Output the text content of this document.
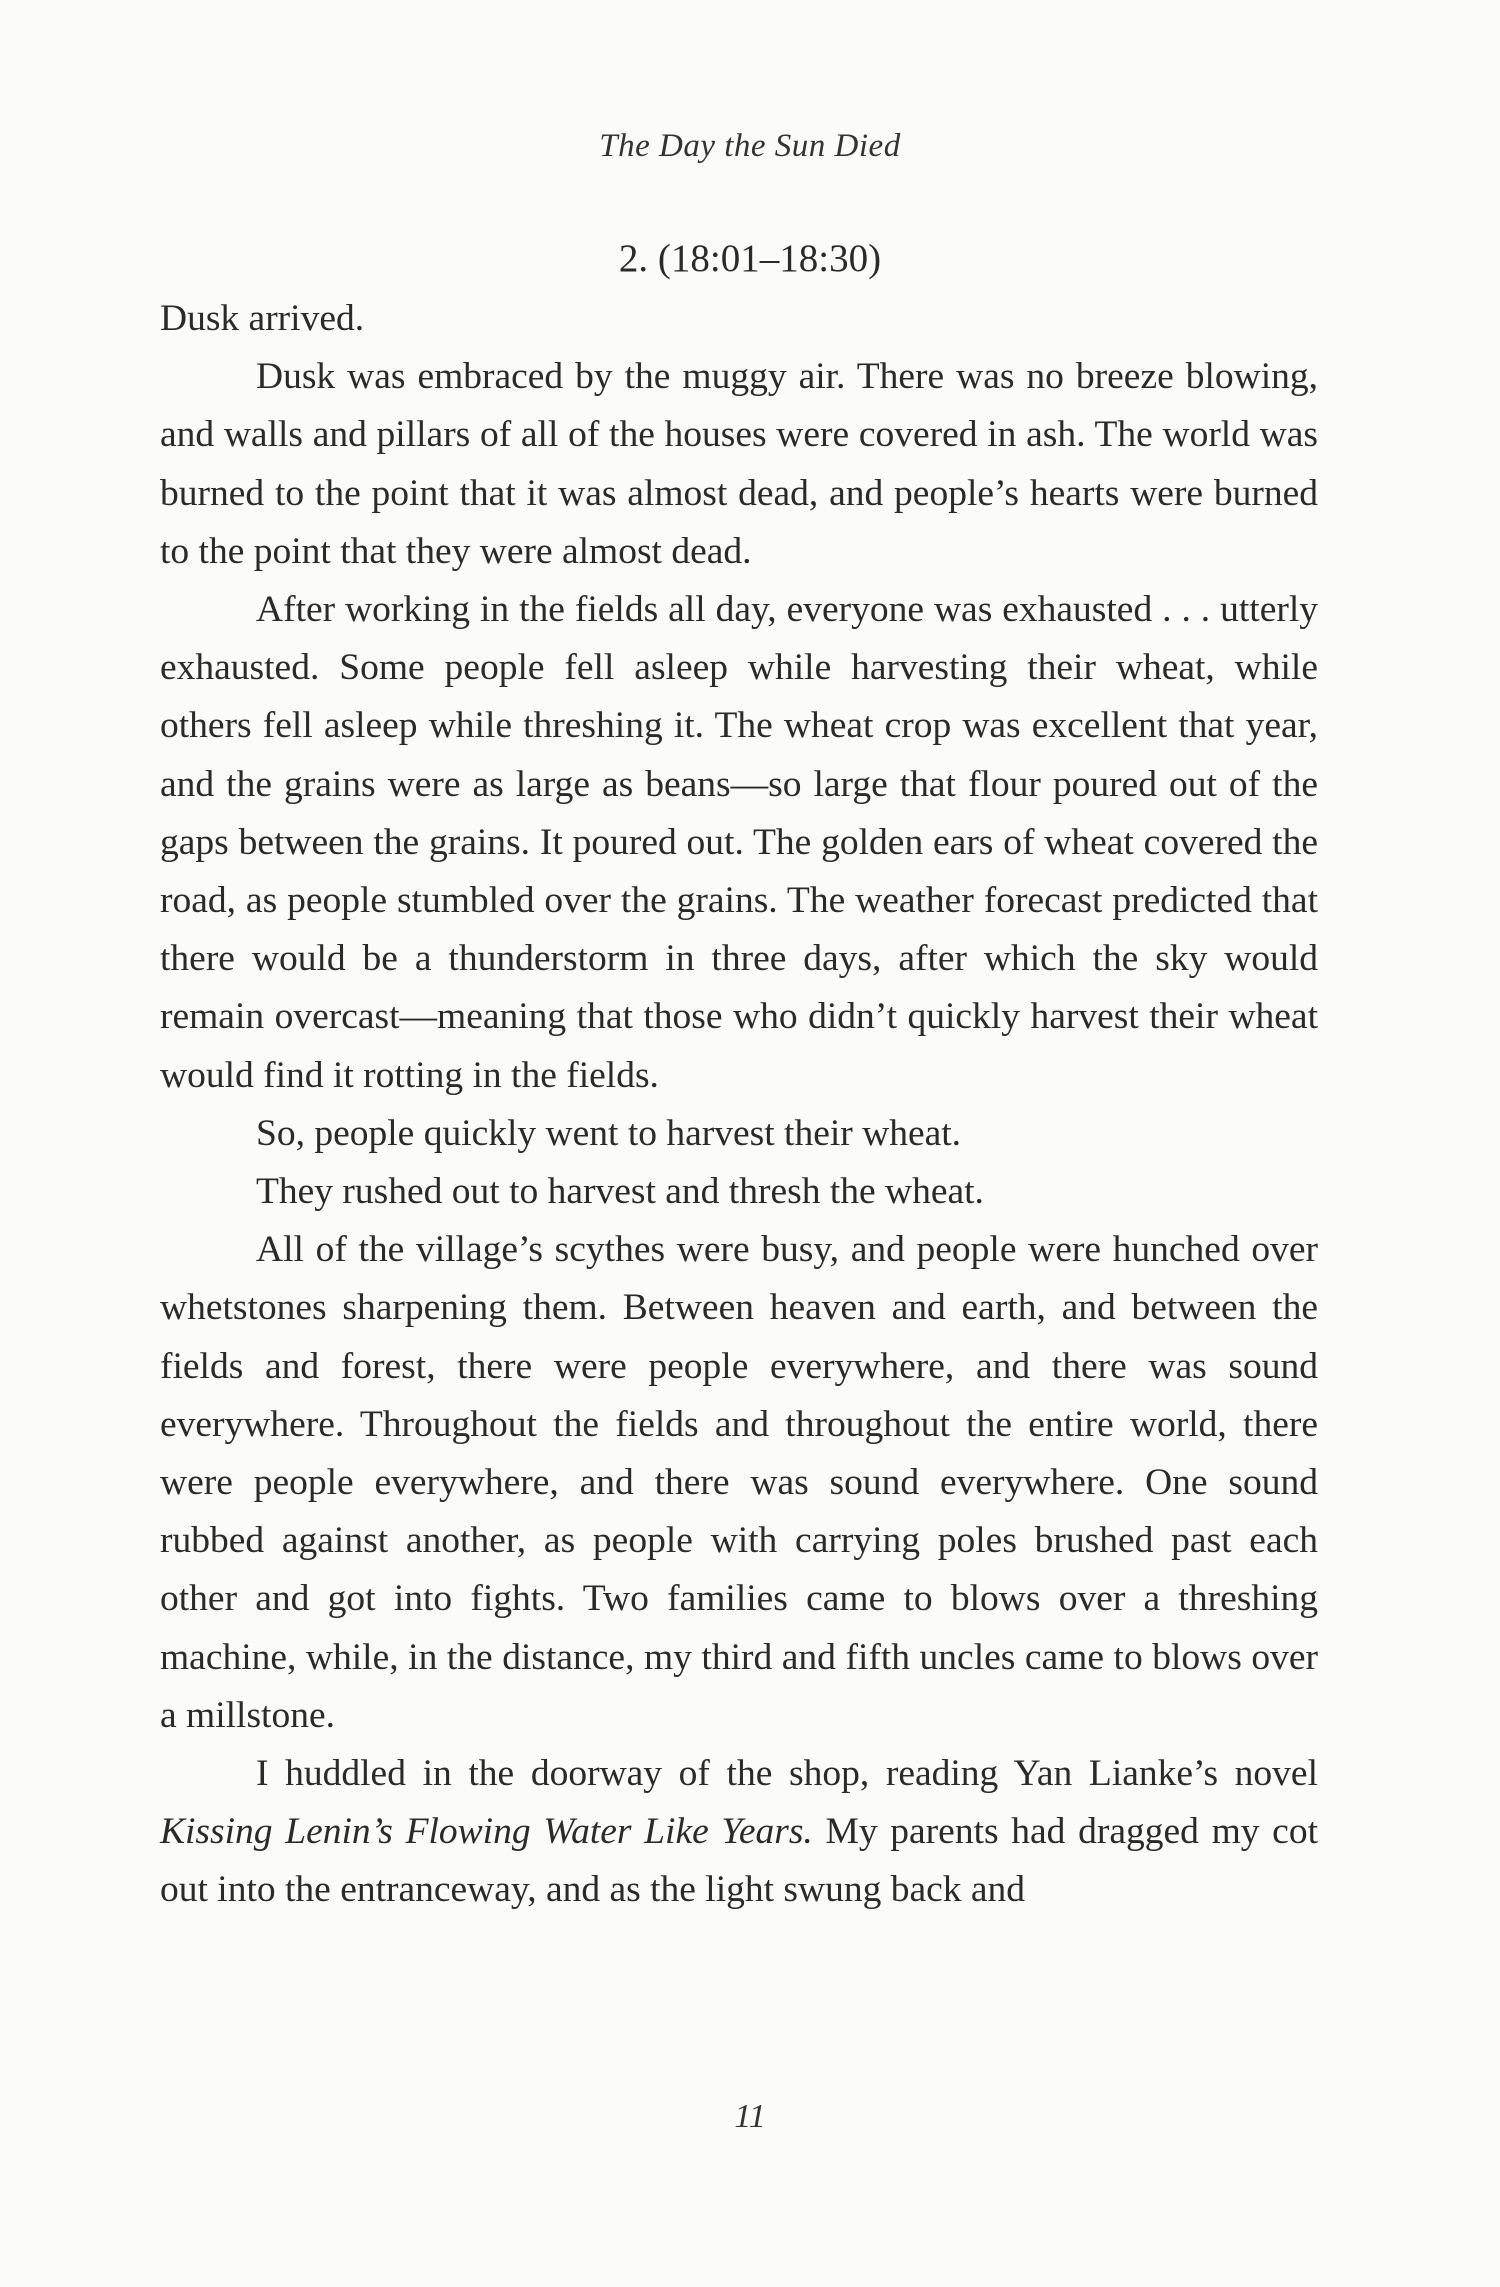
The Day the Sun Died
2. (18:01–18:30)

Dusk arrived.

Dusk was embraced by the muggy air. There was no breeze blowing, and walls and pillars of all of the houses were covered in ash. The world was burned to the point that it was almost dead, and people’s hearts were burned to the point that they were almost dead.

After working in the fields all day, everyone was exhausted . . . utterly exhausted. Some people fell asleep while harvesting their wheat, while others fell asleep while threshing it. The wheat crop was excellent that year, and the grains were as large as beans—so large that flour poured out of the gaps between the grains. It poured out. The golden ears of wheat covered the road, as people stumbled over the grains. The weather forecast predicted that there would be a thunderstorm in three days, after which the sky would remain overcast—meaning that those who didn’t quickly harvest their wheat would find it rotting in the fields.

So, people quickly went to harvest their wheat.

They rushed out to harvest and thresh the wheat.

All of the village’s scythes were busy, and people were hunched over whetstones sharpening them. Between heaven and earth, and between the fields and forest, there were people everywhere, and there was sound everywhere. Throughout the fields and throughout the entire world, there were people everywhere, and there was sound everywhere. One sound rubbed against another, as people with carrying poles brushed past each other and got into fights. Two families came to blows over a threshing machine, while, in the distance, my third and fifth uncles came to blows over a millstone.

I huddled in the doorway of the shop, reading Yan Lianke’s novel Kissing Lenin’s Flowing Water Like Years. My parents had dragged my cot out into the entranceway, and as the light swung back and

11
